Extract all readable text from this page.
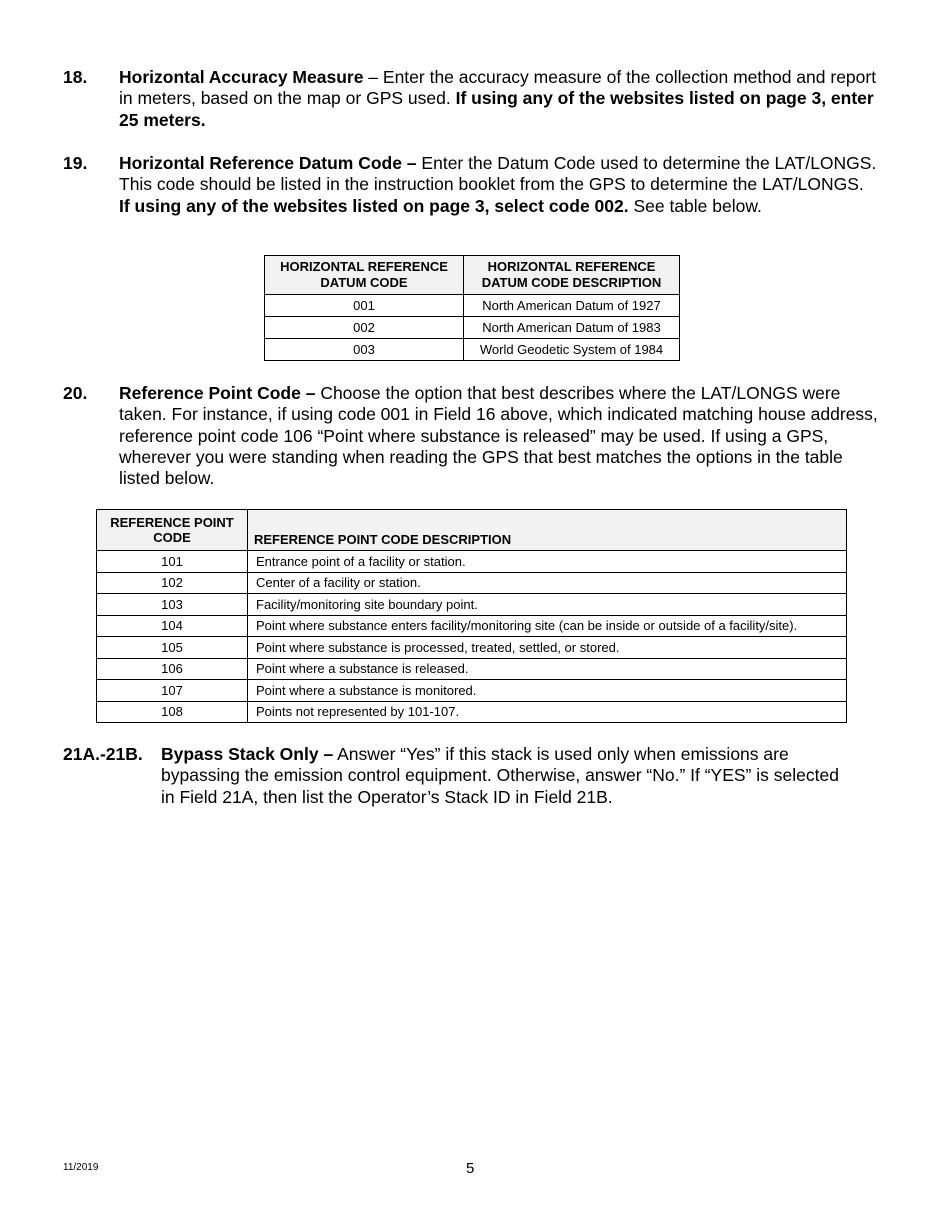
18. Horizontal Accuracy Measure – Enter the accuracy measure of the collection method and report in meters, based on the map or GPS used. If using any of the websites listed on page 3, enter 25 meters.
19. Horizontal Reference Datum Code – Enter the Datum Code used to determine the LAT/LONGS. This code should be listed in the instruction booklet from the GPS to determine the LAT/LONGS. If using any of the websites listed on page 3, select code 002. See table below.
HORIZONTAL REFERENCE DATUM CODE	HORIZONTAL REFERENCE DATUM CODE DESCRIPTION
001	North American Datum of 1927
002	North American Datum of 1983
003	World Geodetic System of 1984
20. Reference Point Code – Choose the option that best describes where the LAT/LONGS were taken. For instance, if using code 001 in Field 16 above, which indicated matching house address, reference point code 106 “Point where substance is released” may be used. If using a GPS, wherever you were standing when reading the GPS that best matches the options in the table listed below.
REFERENCE POINT CODE	REFERENCE POINT CODE DESCRIPTION
101	Entrance point of a facility or station.
102	Center of a facility or station.
103	Facility/monitoring site boundary point.
104	Point where substance enters facility/monitoring site (can be inside or outside of a facility/site).
105	Point where substance is processed, treated, settled, or stored.
106	Point where a substance is released.
107	Point where a substance is monitored.
108	Points not represented by 101-107.
21A.-21B. Bypass Stack Only – Answer “Yes” if this stack is used only when emissions are bypassing the emission control equipment. Otherwise, answer “No.” If “YES” is selected in Field 21A, then list the Operator’s Stack ID in Field 21B.
11/2019	5
